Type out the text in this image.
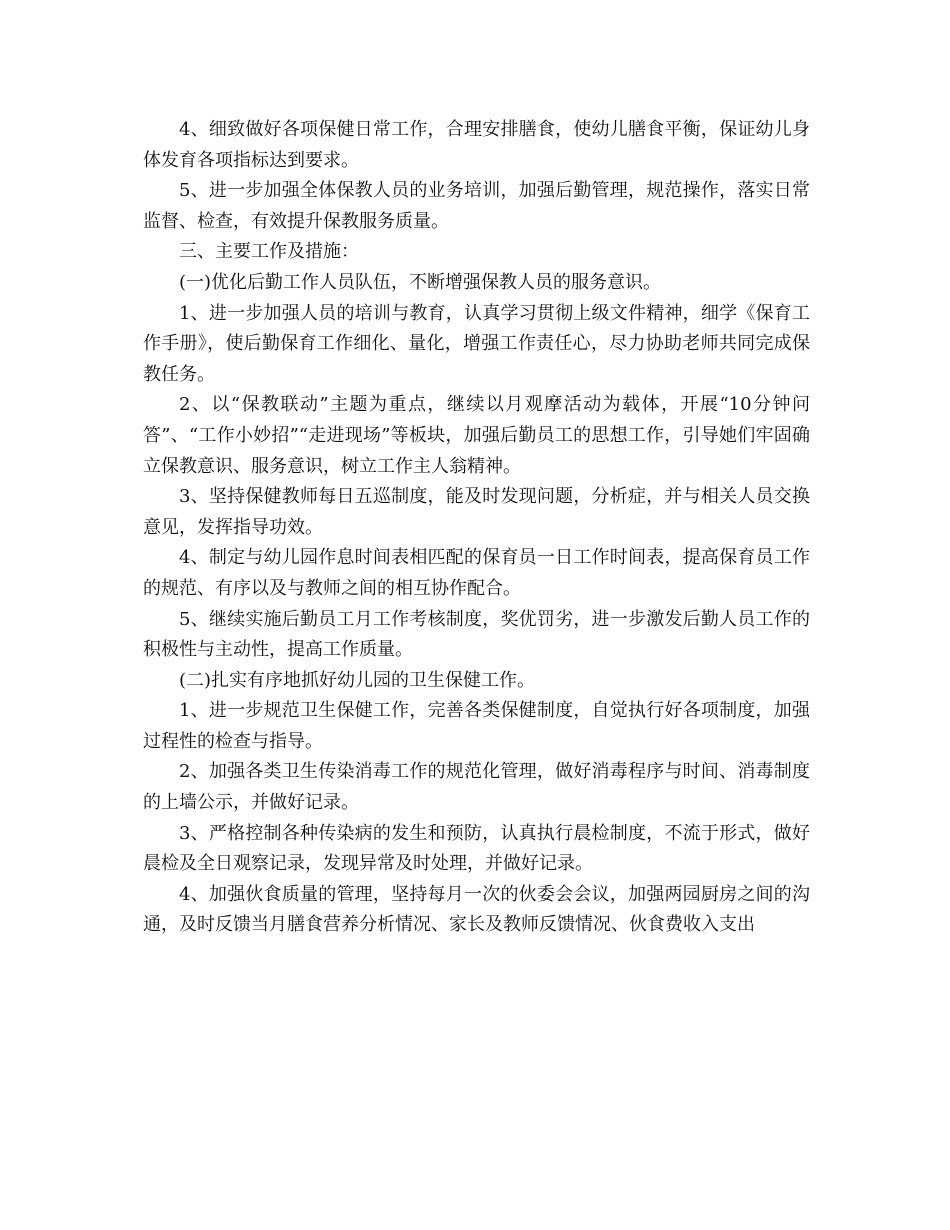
4、细致做好各项保健日常工作，合理安排膳食，使幼儿膳食平衡，保证幼儿身体发育各项指标达到要求。

5、进一步加强全体保教人员的业务培训，加强后勤管理，规范操作，落实日常监督、检查，有效提升保教服务质量。

三、主要工作及措施：

(一)优化后勤工作人员队伍，不断增强保教人员的服务意识。

1、进一步加强人员的培训与教育，认真学习贯彻上级文件精神，细学《保育工作手册》，使后勤保育工作细化、量化，增强工作责任心，尽力协助老师共同完成保教任务。

2、以“保教联动”主题为重点，继续以月观摩活动为载体，开展“10分钟问答”、“工作小妙招”“走进现场”等板块，加强后勤员工的思想工作，引导她们牢固确立保教意识、服务意识，树立工作主人翁精神。

3、坚持保健教师每日五巡制度，能及时发现问题，分析症，并与相关人员交换意见，发挥指导功效。

4、制定与幼儿园作息时间表相匹配的保育员一日工作时间表，提高保育员工作的规范、有序以及与教师之间的相互协作配合。

5、继续实施后勤员工月工作考核制度，奖优罚劣，进一步激发后勤人员工作的积极性与主动性，提高工作质量。

(二)扎实有序地抓好幼儿园的卫生保健工作。

1、进一步规范卫生保健工作，完善各类保健制度，自觉执行好各项制度，加强过程性的检查与指导。

2、加强各类卫生传染消毒工作的规范化管理，做好消毒程序与时间、消毒制度的上墙公示，并做好记录。

3、严格控制各种传染病的发生和预防，认真执行晨检制度，不流于形式，做好晨检及全日观察记录，发现异常及时处理，并做好记录。

4、加强伙食质量的管理，坚持每月一次的伙委会会议，加强两园厨房之间的沟通，及时反馈当月膳食营养分析情况、家长及教师反馈情况、伙食费收入支出
